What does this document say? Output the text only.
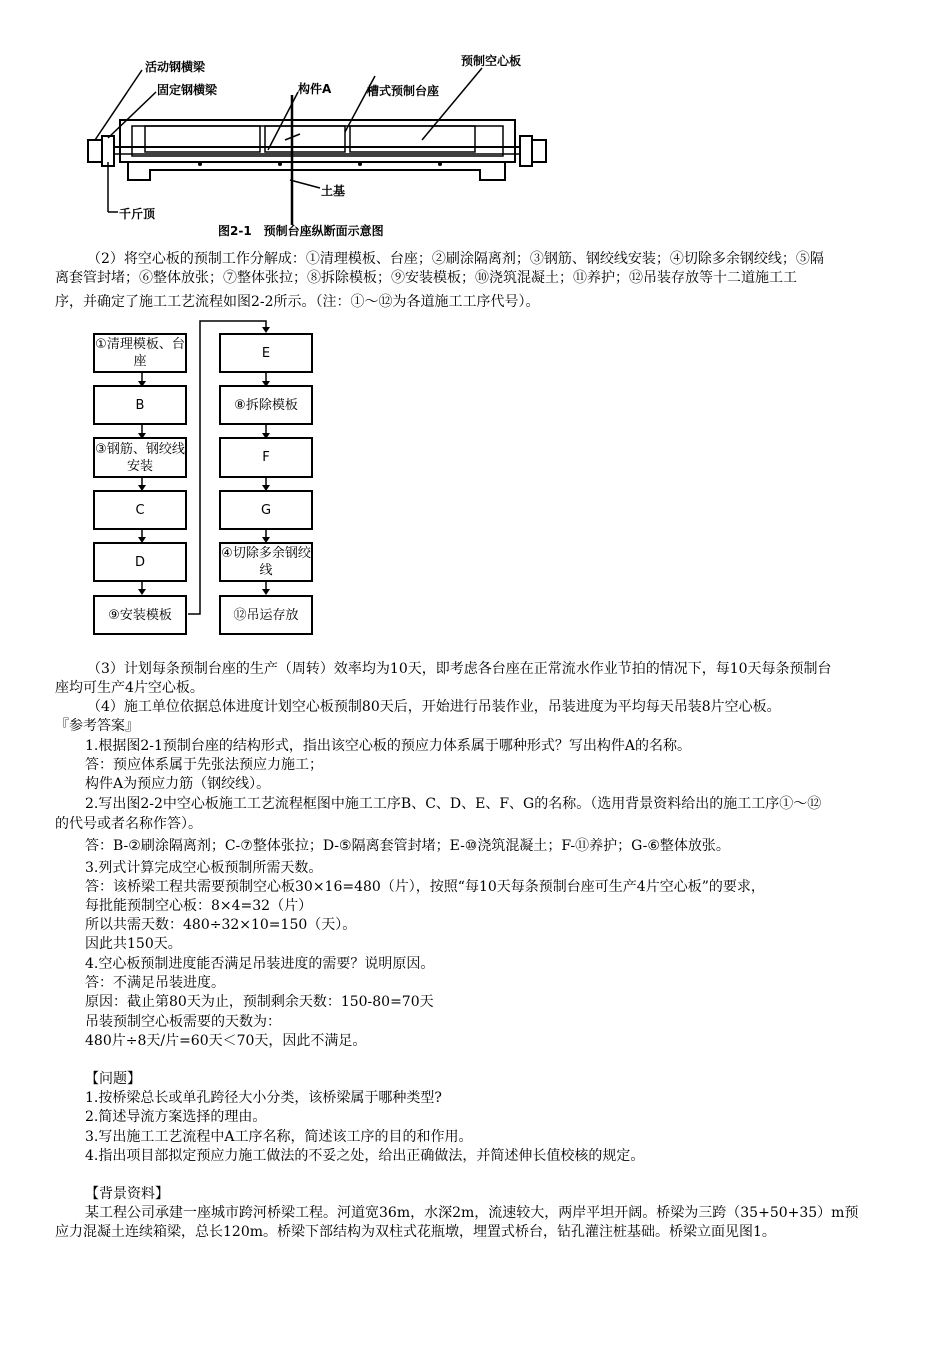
活动钢横梁
固定钢横梁	构件A	槽式预制台座
预制空心板
土基
千斤顶
图2-1　预制台座纵断面示意图
（2）将空心板的预制工作分解成：①清理模板、台座；②刷涂隔离剂；③钢筋、钢绞线安装；④切除多余钢绞线；⑤隔
离套管封堵；⑥整体放张；⑦整体张拉；⑧拆除模板；⑨安装模板；⑩浇筑混凝土；⑪养护；⑫吊装存放等十二道施工工
序，并确定了施工工艺流程如图2-2所示。（注：①～⑫为各道施工工序代号）。
①清理模板、台座
B
③钢筋、钢绞线安装
C
D
⑨安装模板
E
⑧拆除模板
F
G
④切除多余钢绞线
⑫吊运存放
（3）计划每条预制台座的生产（周转）效率均为10天，即考虑各台座在正常流水作业节拍的情况下，每10天每条预制台
座均可生产4片空心板。
（4）施工单位依据总体进度计划空心板预制80天后，开始进行吊装作业，吊装进度为平均每天吊装8片空心板。
『参考答案』
1.根据图2-1预制台座的结构形式，指出该空心板的预应力体系属于哪种形式？写出构件A的名称。
答：预应体系属于先张法预应力施工；
构件A为预应力筋（钢绞线）。
2.写出图2-2中空心板施工工艺流程框图中施工工序B、C、D、E、F、G的名称。（选用背景资料给出的施工工序①～⑫
的代号或者名称作答）。
答：B-②刷涂隔离剂；C-⑦整体张拉；D-⑤隔离套管封堵；E-⑩浇筑混凝土；F-⑪养护；G-⑥整体放张。
3.列式计算完成空心板预制所需天数。
答：该桥梁工程共需要预制空心板30×16=480（片），按照“每10天每条预制台座可生产4片空心板”的要求，
每批能预制空心板：8×4=32（片）
所以共需天数：480÷32×10=150（天）。
因此共150天。
4.空心板预制进度能否满足吊装进度的需要？说明原因。
答：不满足吊装进度。
原因：截止第80天为止，预制剩余天数：150-80=70天
吊装预制空心板需要的天数为：
480片÷8天/片=60天＜70天，因此不满足。
【问题】
1.按桥梁总长或单孔跨径大小分类，该桥梁属于哪种类型?
2.简述导流方案选择的理由。
3.写出施工工艺流程中A工序名称，简述该工序的目的和作用。
4.指出项目部拟定预应力施工做法的不妥之处，给出正确做法，并简述伸长值校核的规定。
【背景资料】
某工程公司承建一座城市跨河桥梁工程。河道宽36m，水深2m，流速较大，两岸平坦开阔。桥梁为三跨（35+50+35）m预
应力混凝土连续箱梁，总长120m。桥梁下部结构为双柱式花瓶墩，埋置式桥台，钻孔灌注桩基础。桥梁立面见图1。
